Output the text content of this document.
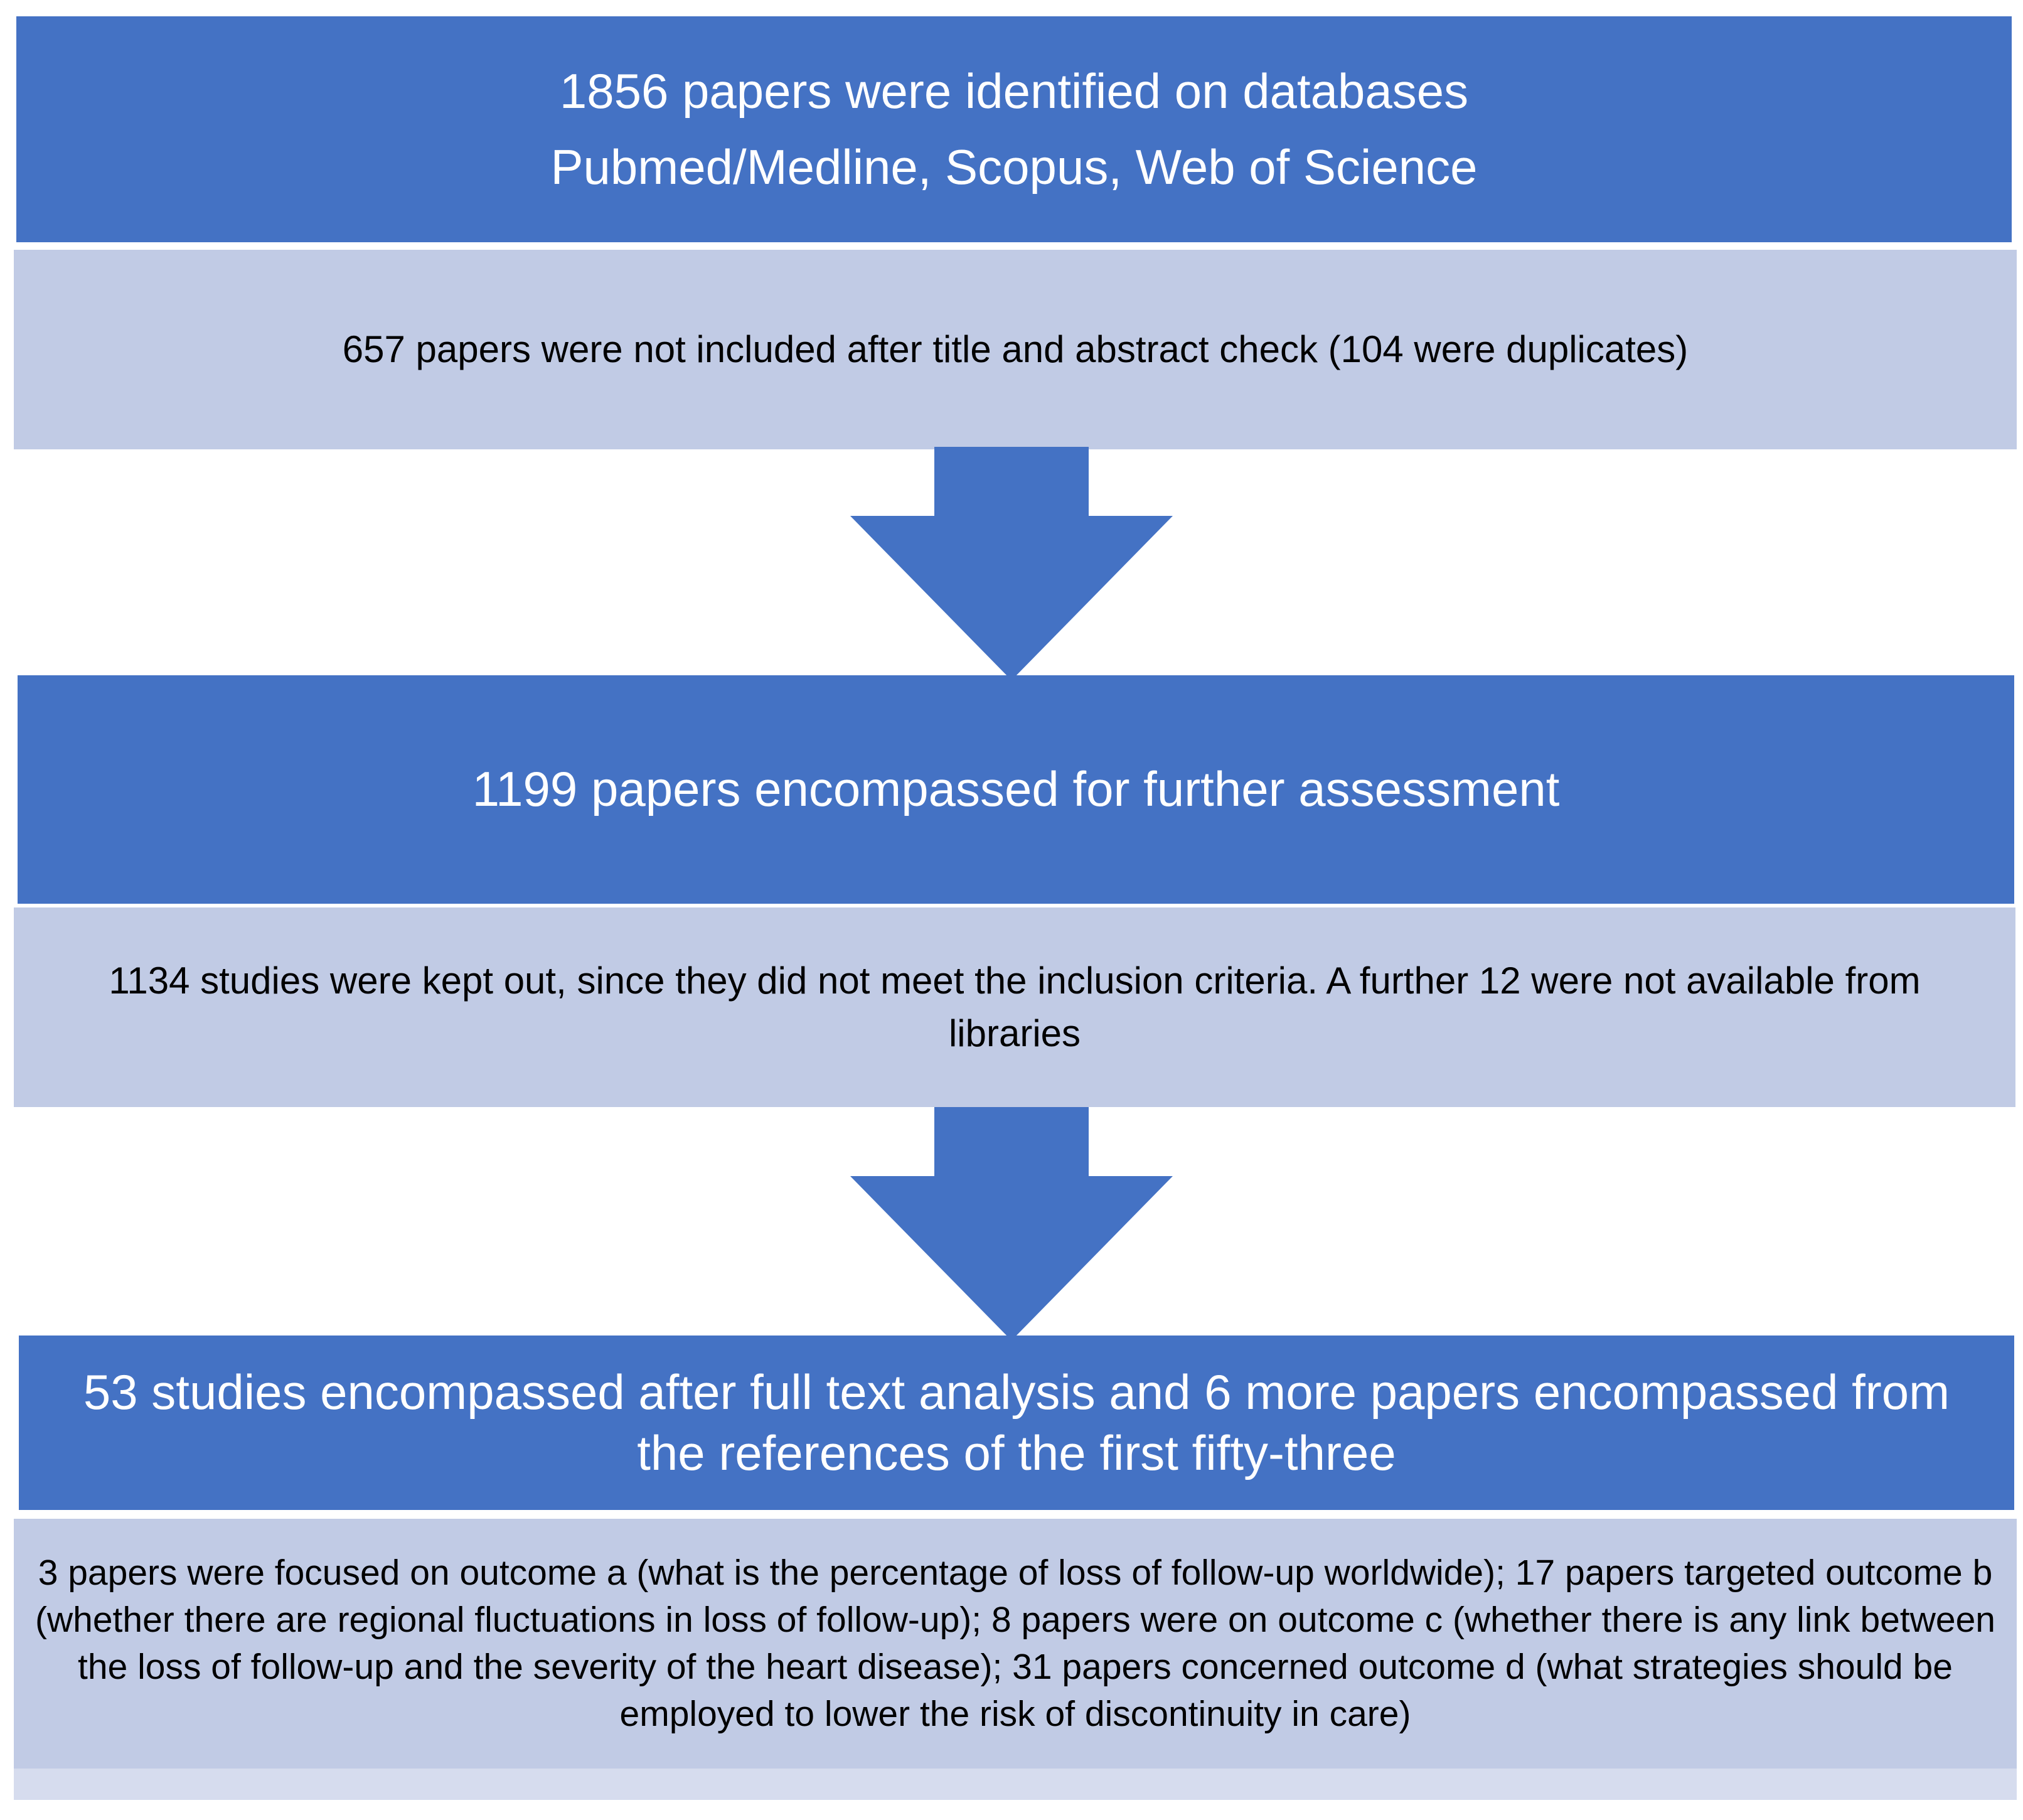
1856 papers were identified on databases
Pubmed/Medline, Scopus, Web of Science
657 papers were not included after title and abstract check (104 were duplicates)
1199 papers encompassed for further assessment
1134 studies were kept out, since they did not meet the inclusion criteria. A further 12 were not available from libraries
53 studies encompassed after full text analysis and 6 more papers encompassed from the references of the first fifty-three
3 papers were focused on outcome a (what is the percentage of loss of follow-up worldwide); 17 papers targeted outcome b (whether there are regional fluctuations in loss of follow-up); 8 papers were on outcome c (whether there is any link between the loss of follow-up and the severity of the heart disease); 31 papers concerned outcome d (what strategies should be employed to lower the risk of discontinuity in care)
